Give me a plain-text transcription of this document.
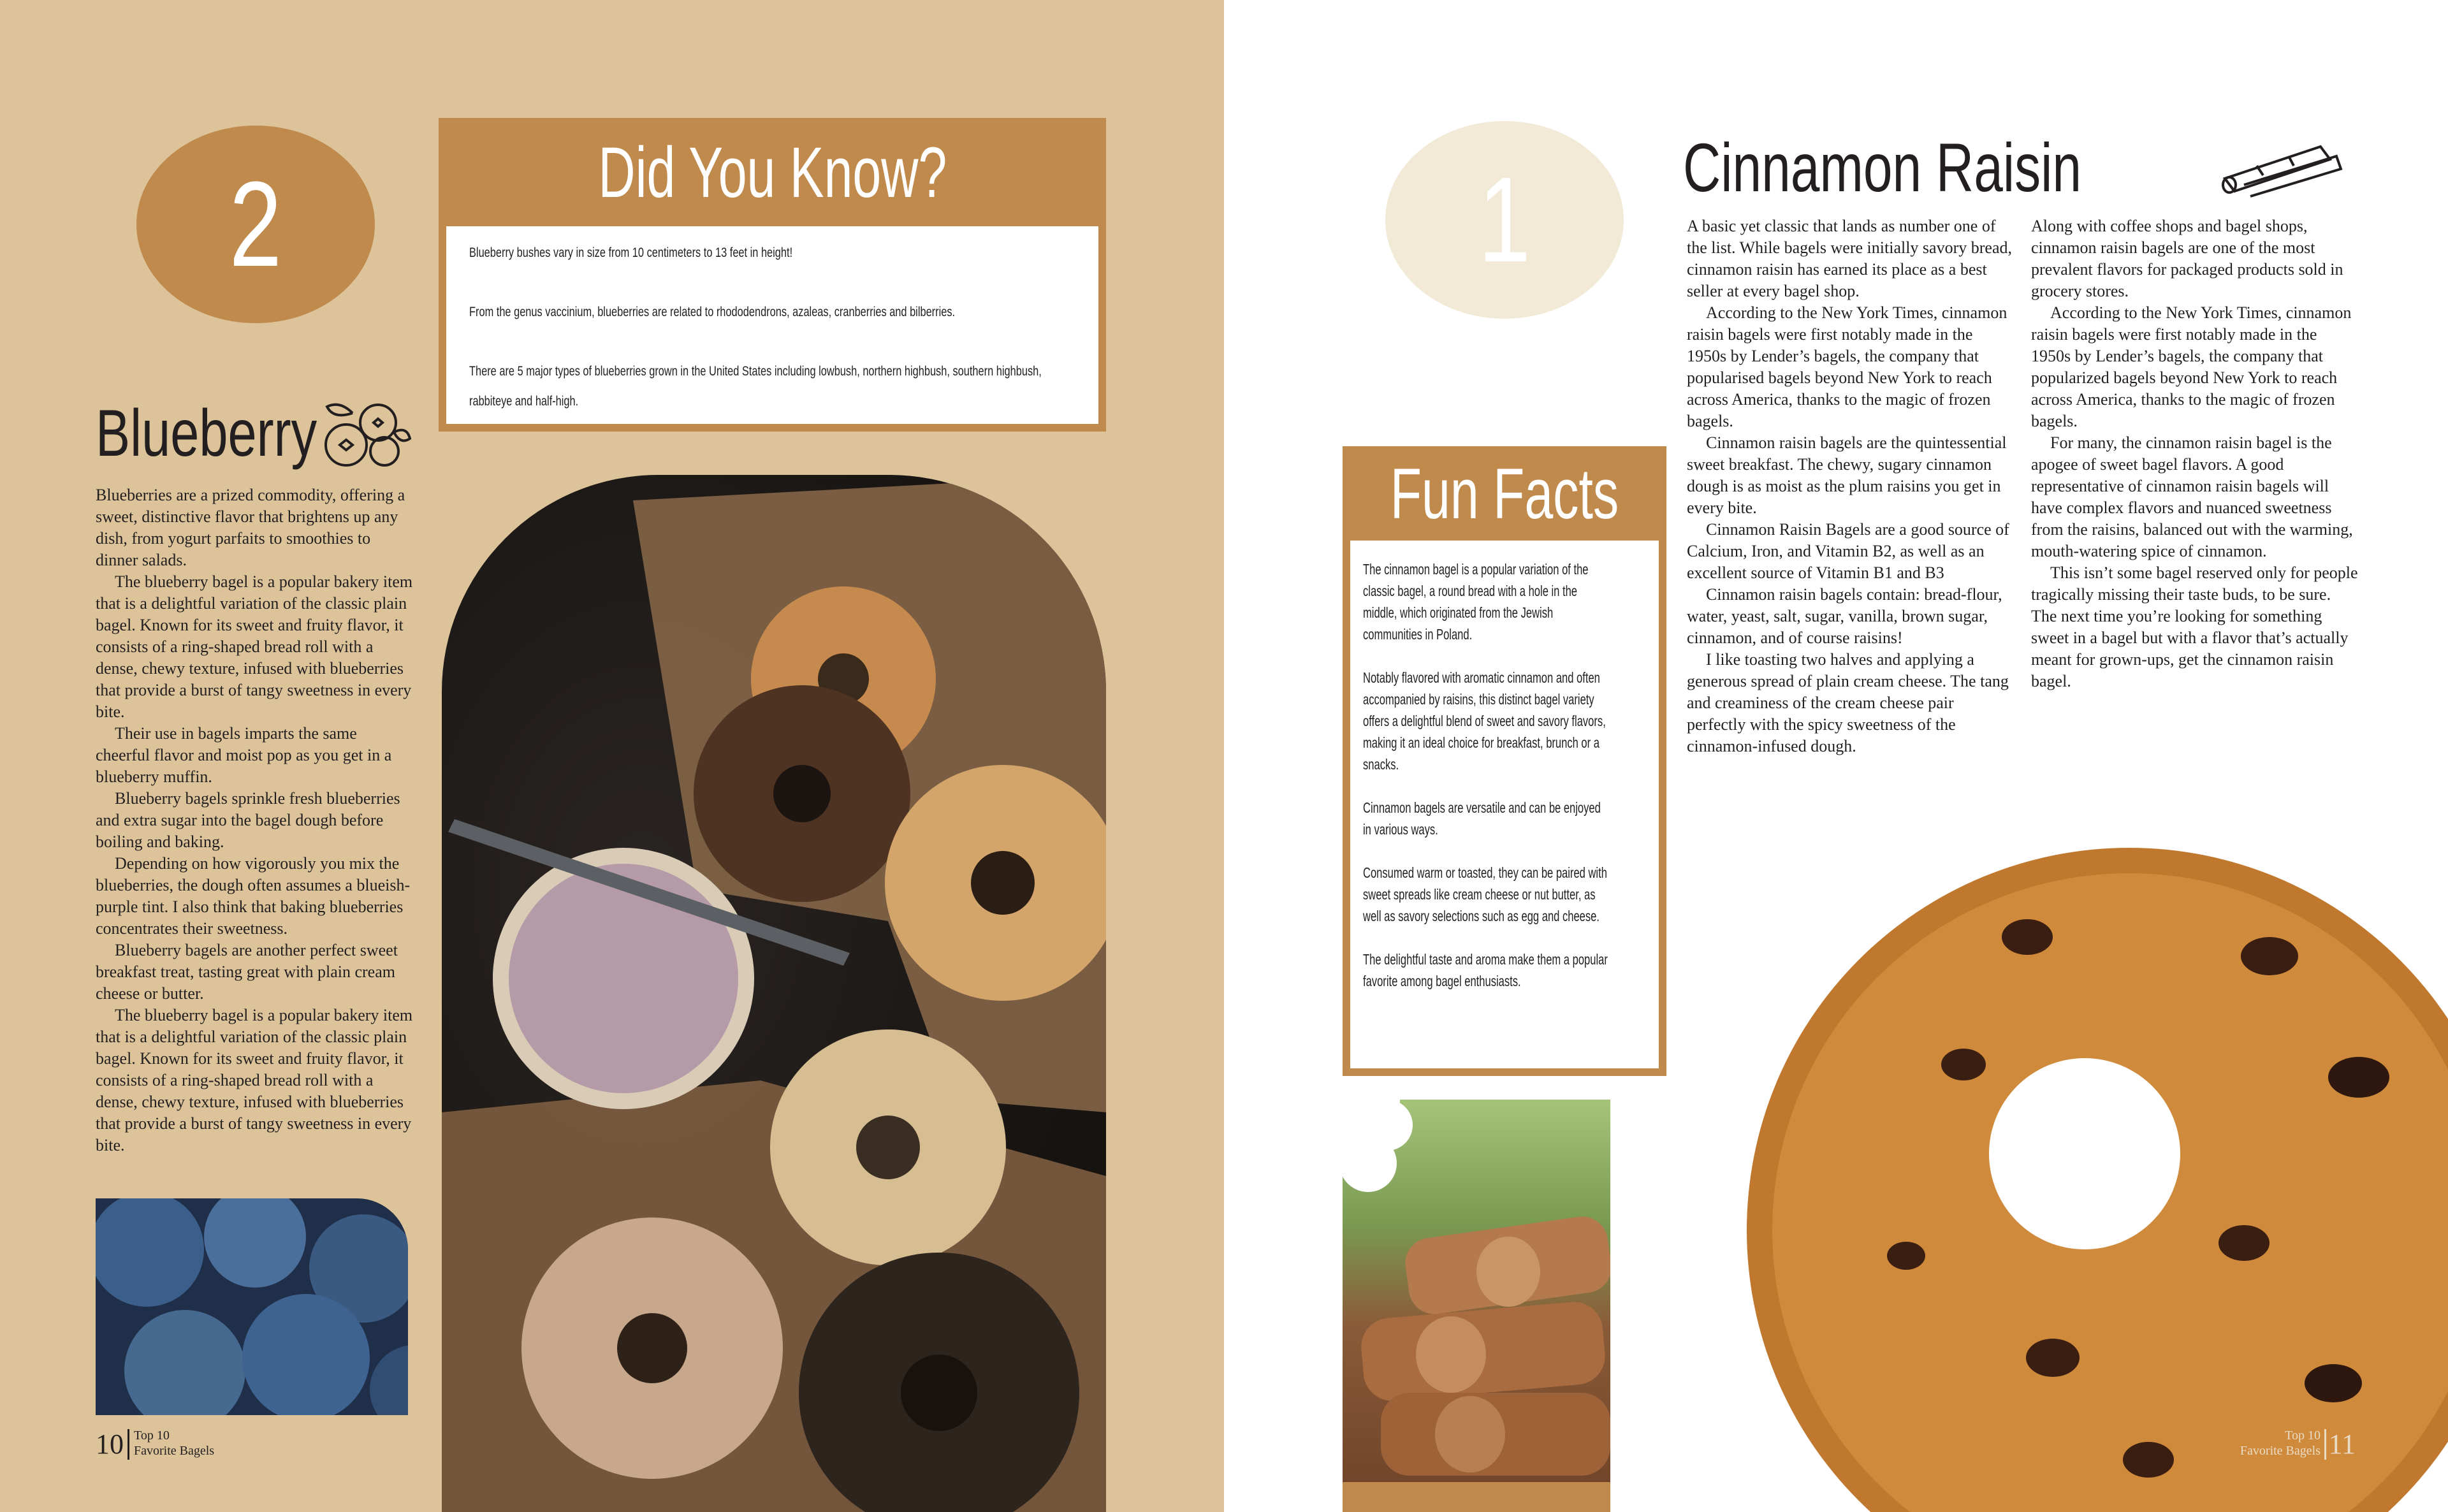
2	Did You Know?

Blueberry bushes vary in size from 10 centimeters to 13 feet in height!

From the genus vaccinium, blueberries are related to rhododendrons, azaleas, cranberries and bilberries.

There are 5 major types of blueberries grown in the United States including lowbush, northern highbush, southern highbush, rabbiteye and half-high.

Blueberry

Blueberries are a prized commodity, offering a sweet, distinctive flavor that brightens up any dish, from yogurt parfaits to smoothies to dinner salads.

The blueberry bagel is a popular bakery item that is a delightful variation of the classic plain bagel. Known for its sweet and fruity flavor, it consists of a ring-shaped bread roll with a dense, chewy texture, infused with blueberries that provide a burst of tangy sweetness in every bite.

Their use in bagels imparts the same cheerful flavor and moist pop as you get in a blueberry muffin.

Blueberry bagels sprinkle fresh blueberries and extra sugar into the bagel dough before boiling and baking.

Depending on how vigorously you mix the blueberries, the dough often assumes a blueish-purple tint. I also think that baking blueberries concentrates their sweetness.

Blueberry bagels are another perfect sweet breakfast treat, tasting great with plain cream cheese or butter.

The blueberry bagel is a popular bakery item that is a delightful variation of the classic plain bagel. Known for its sweet and fruity flavor, it consists of a ring-shaped bread roll with a dense, chewy texture, infused with blueberries that provide a burst of tangy sweetness in every bite.

10 Top 10
Favorite Bagels
1 Cinnamon Raisin
Fun Facts

The cinnamon bagel is a popular variation of the classic bagel, a round bread with a hole in the middle, which originated from the Jewish communities in Poland.

Notably flavored with aromatic cinnamon and often accompanied by raisins, this distinct bagel variety offers a delightful blend of sweet and savory flavors, making it an ideal choice for breakfast, brunch or a snacks.

Cinnamon bagels are versatile and can be enjoyed in various ways.

Consumed warm or toasted, they can be paired with sweet spreads like cream cheese or nut butter, as well as savory selections such as egg and cheese.

The delightful taste and aroma make them a popular favorite among bagel enthusiasts.

A basic yet classic that lands as number one of the list. While bagels were initially savory bread, cinnamon raisin has earned its place as a best seller at every bagel shop.

According to the New York Times, cinnamon raisin bagels were first notably made in the 1950s by Lender’s bagels, the company that popularised bagels beyond New York to reach across America, thanks to the magic of frozen bagels.

Cinnamon raisin bagels are the quintessential sweet breakfast. The chewy, sugary cinnamon dough is as moist as the plum raisins you get in every bite.

Cinnamon Raisin Bagels are a good source of Calcium, Iron, and Vitamin B2, as well as an excellent source of Vitamin B1 and B3

Cinnamon raisin bagels contain: bread-flour, water, yeast, salt, sugar, vanilla, brown sugar, cinnamon, and of course raisins!

I like toasting two halves and applying a generous spread of plain cream cheese. The tang and creaminess of the cream cheese pair perfectly with the spicy sweetness of the cinnamon-infused dough.

Along with coffee shops and bagel shops, cinnamon raisin bagels are one of the most prevalent flavors for packaged products sold in grocery stores.

According to the New York Times, cinnamon raisin bagels were first notably made in the 1950s by Lender’s bagels, the company that popularized bagels beyond New York to reach across America, thanks to the magic of frozen bagels.

For many, the cinnamon raisin bagel is the apogee of sweet bagel flavors. A good representative of cinnamon raisin bagels will have complex flavors and nuanced sweetness from the raisins, balanced out with the warming, mouth-watering spice of cinnamon.

This isn’t some bagel reserved only for people tragically missing their taste buds, to be sure. The next time you’re looking for something sweet in a bagel but with a flavor that’s actually meant for grown-ups, get the cinnamon raisin bagel.

Top 10
Favorite Bagels 11
